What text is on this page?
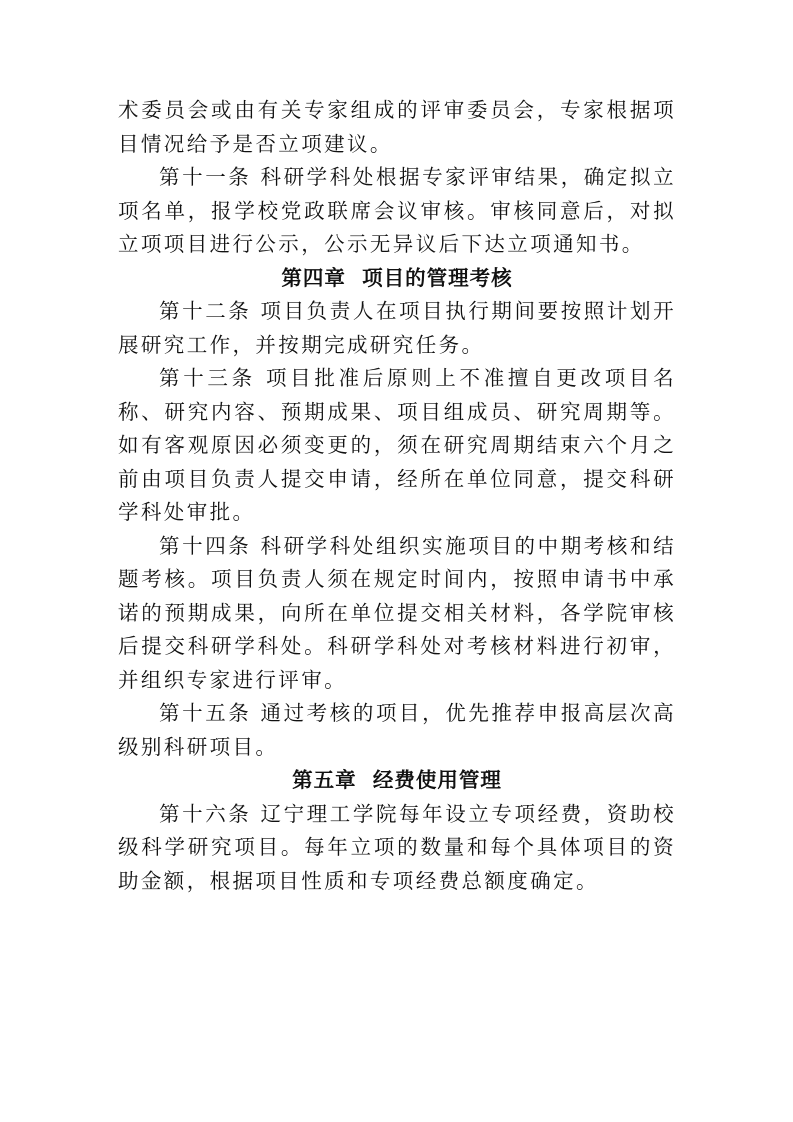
术委员会或由有关专家组成的评审委员会，专家根据项目情况给予是否立项建议。

第十一条 科研学科处根据专家评审结果，确定拟立项名单，报学校党政联席会议审核。审核同意后，对拟立项项目进行公示，公示无异议后下达立项通知书。

第四章  项目的管理考核

第十二条 项目负责人在项目执行期间要按照计划开展研究工作，并按期完成研究任务。

第十三条 项目批准后原则上不准擅自更改项目名称、研究内容、预期成果、项目组成员、研究周期等。如有客观原因必须变更的，须在研究周期结束六个月之前由项目负责人提交申请，经所在单位同意，提交科研学科处审批。

第十四条 科研学科处组织实施项目的中期考核和结题考核。项目负责人须在规定时间内，按照申请书中承诺的预期成果，向所在单位提交相关材料，各学院审核后提交科研学科处。科研学科处对考核材料进行初审，并组织专家进行评审。

第十五条 通过考核的项目，优先推荐申报高层次高级别科研项目。

第五章  经费使用管理

第十六条 辽宁理工学院每年设立专项经费，资助校级科学研究项目。每年立项的数量和每个具体项目的资助金额，根据项目性质和专项经费总额度确定。
